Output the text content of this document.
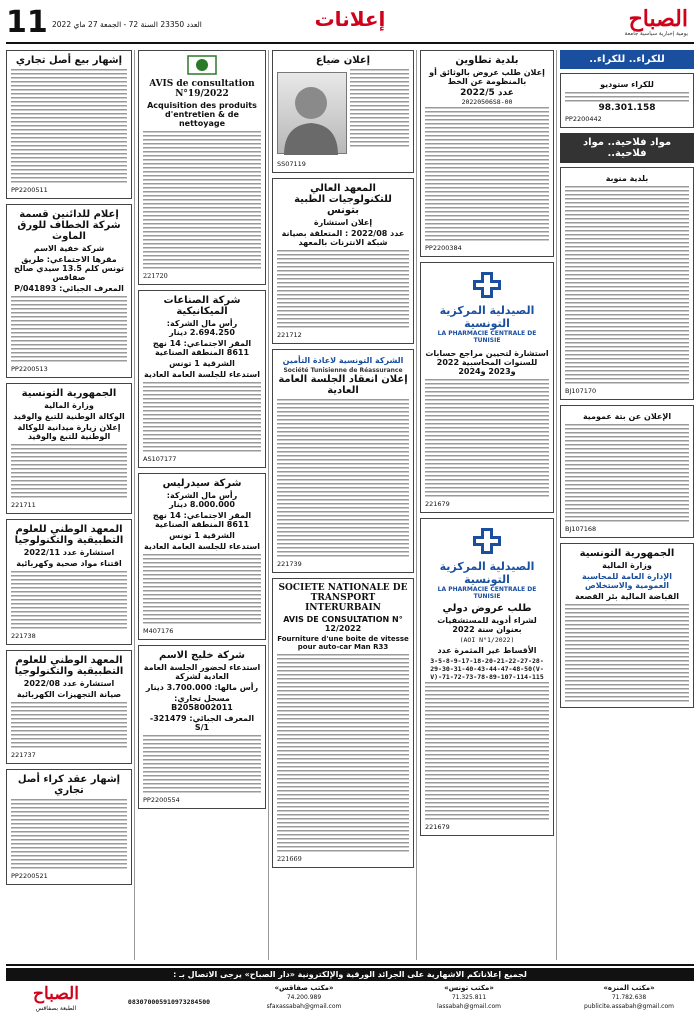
11 العدد 23350 السنة 72 - الجمعة 27 ماي 2022	إعلانات	الصباح
يومية إخبارية سياسية جامعة
للكراء.. للكراء..
للكراء ستوديو
98.301.158
PP2200442
مواد فلاحية.. مواد فلاحية..
بلدية منوبة
BJ107170
الإعلان عن بتة عمومية
BJ107168
الجمهورية التونسية
وزارة المالية
الإدارة العامة للمحاسبة العمومية والاستخلاص
القباضة المالية بئر القصعة
بلدية تطاوين
إعلان طلب عروض بالوثائق أو بالمنظومة عن الخط
عدد 2022/5
20220506S8-00
PP2200384
الصيدلية المركزية التونسية
LA PHARMACIE CENTRALE DE TUNISIE
استشارة لتحيين مراجع حسابات للسنوات المحاسبية 2022 و2023 و2024
221679
الصيدلية المركزية التونسية
LA PHARMACIE CENTRALE DE TUNISIE
طلب عروض دولي
لشراء أدوية للمستشفيات بعنوان سنة 2022
(AOI N°1/2022)
الأقساط غير المثمرة عدد
3-5-8-9-17-18-20-21-22-27-28-29-30-31-40-43-44-47-48-50(V-V)-71-72-73-78-89-107-114-115
221679
إعلان ضياع
SS07119
المعهد العالي للتكنولوجيات الطبية بتونس
إعلان استشارة
عدد 2022/08 : المتعلقة بصيانة شبكة الانترنات بالمعهد
221712
الشركة التونسية لاعادة التأمين
Société Tunisienne de Réassurance
إعلان انعقاد الجلسة العامة العادية
221739
SOCIETE NATIONALE DE TRANSPORT INTERURBAIN
AVIS DE CONSULTATION N° 12/2022
Fourniture d'une boite de vitesse pour auto-car Man R33
221669
AVIS de consultation N°19/2022
Acquisition des produits d'entretien & de nettoyage
221720
شركة الصناعات الميكانيكية
رأس مال الشركة: 2.694.250 دينار
المقر الاجتماعي: 14 نهج 8611 المنطقة الصناعية
الشرقية 1 تونس
استدعاء للجلسة العامة العادية
AS107177
شركة سيدرليس
رأس مال الشركة: 8.000.000 دينار
المقر الاجتماعي: 14 نهج 8611 المنطقة الصناعية
الشرقية 1 تونس
استدعاء للجلسة العامة العادية
M407176
شركة خليج الاسم
استدعاء لحضور الجلسة العامة العادية لشركة
رأس مالها: 3.700.000 دينار
مسجل تجاري: B2058002011
المعرف الجبائي: 321479-S/1
PP2200554
إشهار بيع أصل تجاري
PP2200511
إعلام للدائنين قسمة شركة الخطاف للورق الماوث
شركة خفية الاسم
مقرها الاجتماعي: طريق تونس كلم 13.5 سيدي صالح صفاقس
المعرف الجبائي: 041893/P
PP2200513
الجمهورية التونسية
وزارة المالية
الوكالة الوطنية للتبغ والوقيد
إعلان زيارة ميدانية للوكالة الوطنية للتبغ والوقيد
221711
المعهد الوطني للعلوم التطبيقية والتكنولوجيا
استشارة عدد 2022/11
اقتناء مواد صحية وكهربائية
221738
المعهد الوطني للعلوم التطبيقية والتكنولوجيا
استشارة عدد 2022/08
صيانة التجهيزات الكهربائية
221737
إشهار عقد كراء أصل تجاري
PP2200521
لجميع إعلاناتكم الاشهارية على الجرائد الورقية والإلكترونية «دار الصباح» يرجى الاتصال بـ :
«مكتب المنزه»
71.782.638
publicite.assabah@gmail.com
«مكتب تونس»
71.325.811
lassabah@gmail.com
«مكتب صفاقس»
74.200.989
sfaxassabah@gmail.com
083070005910973284500
الصباح
الطبعة بصفاقس
